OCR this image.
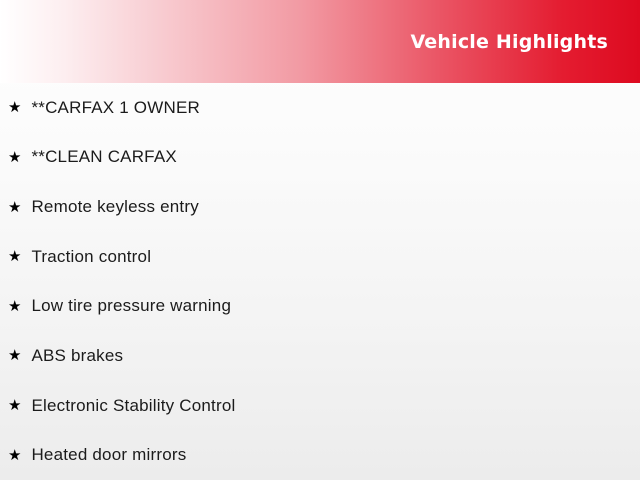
Vehicle Highlights
★ **CARFAX 1 OWNER
★ **CLEAN CARFAX
★ Remote keyless entry
★ Traction control
★ Low tire pressure warning
★ ABS brakes
★ Electronic Stability Control
★ Heated door mirrors
